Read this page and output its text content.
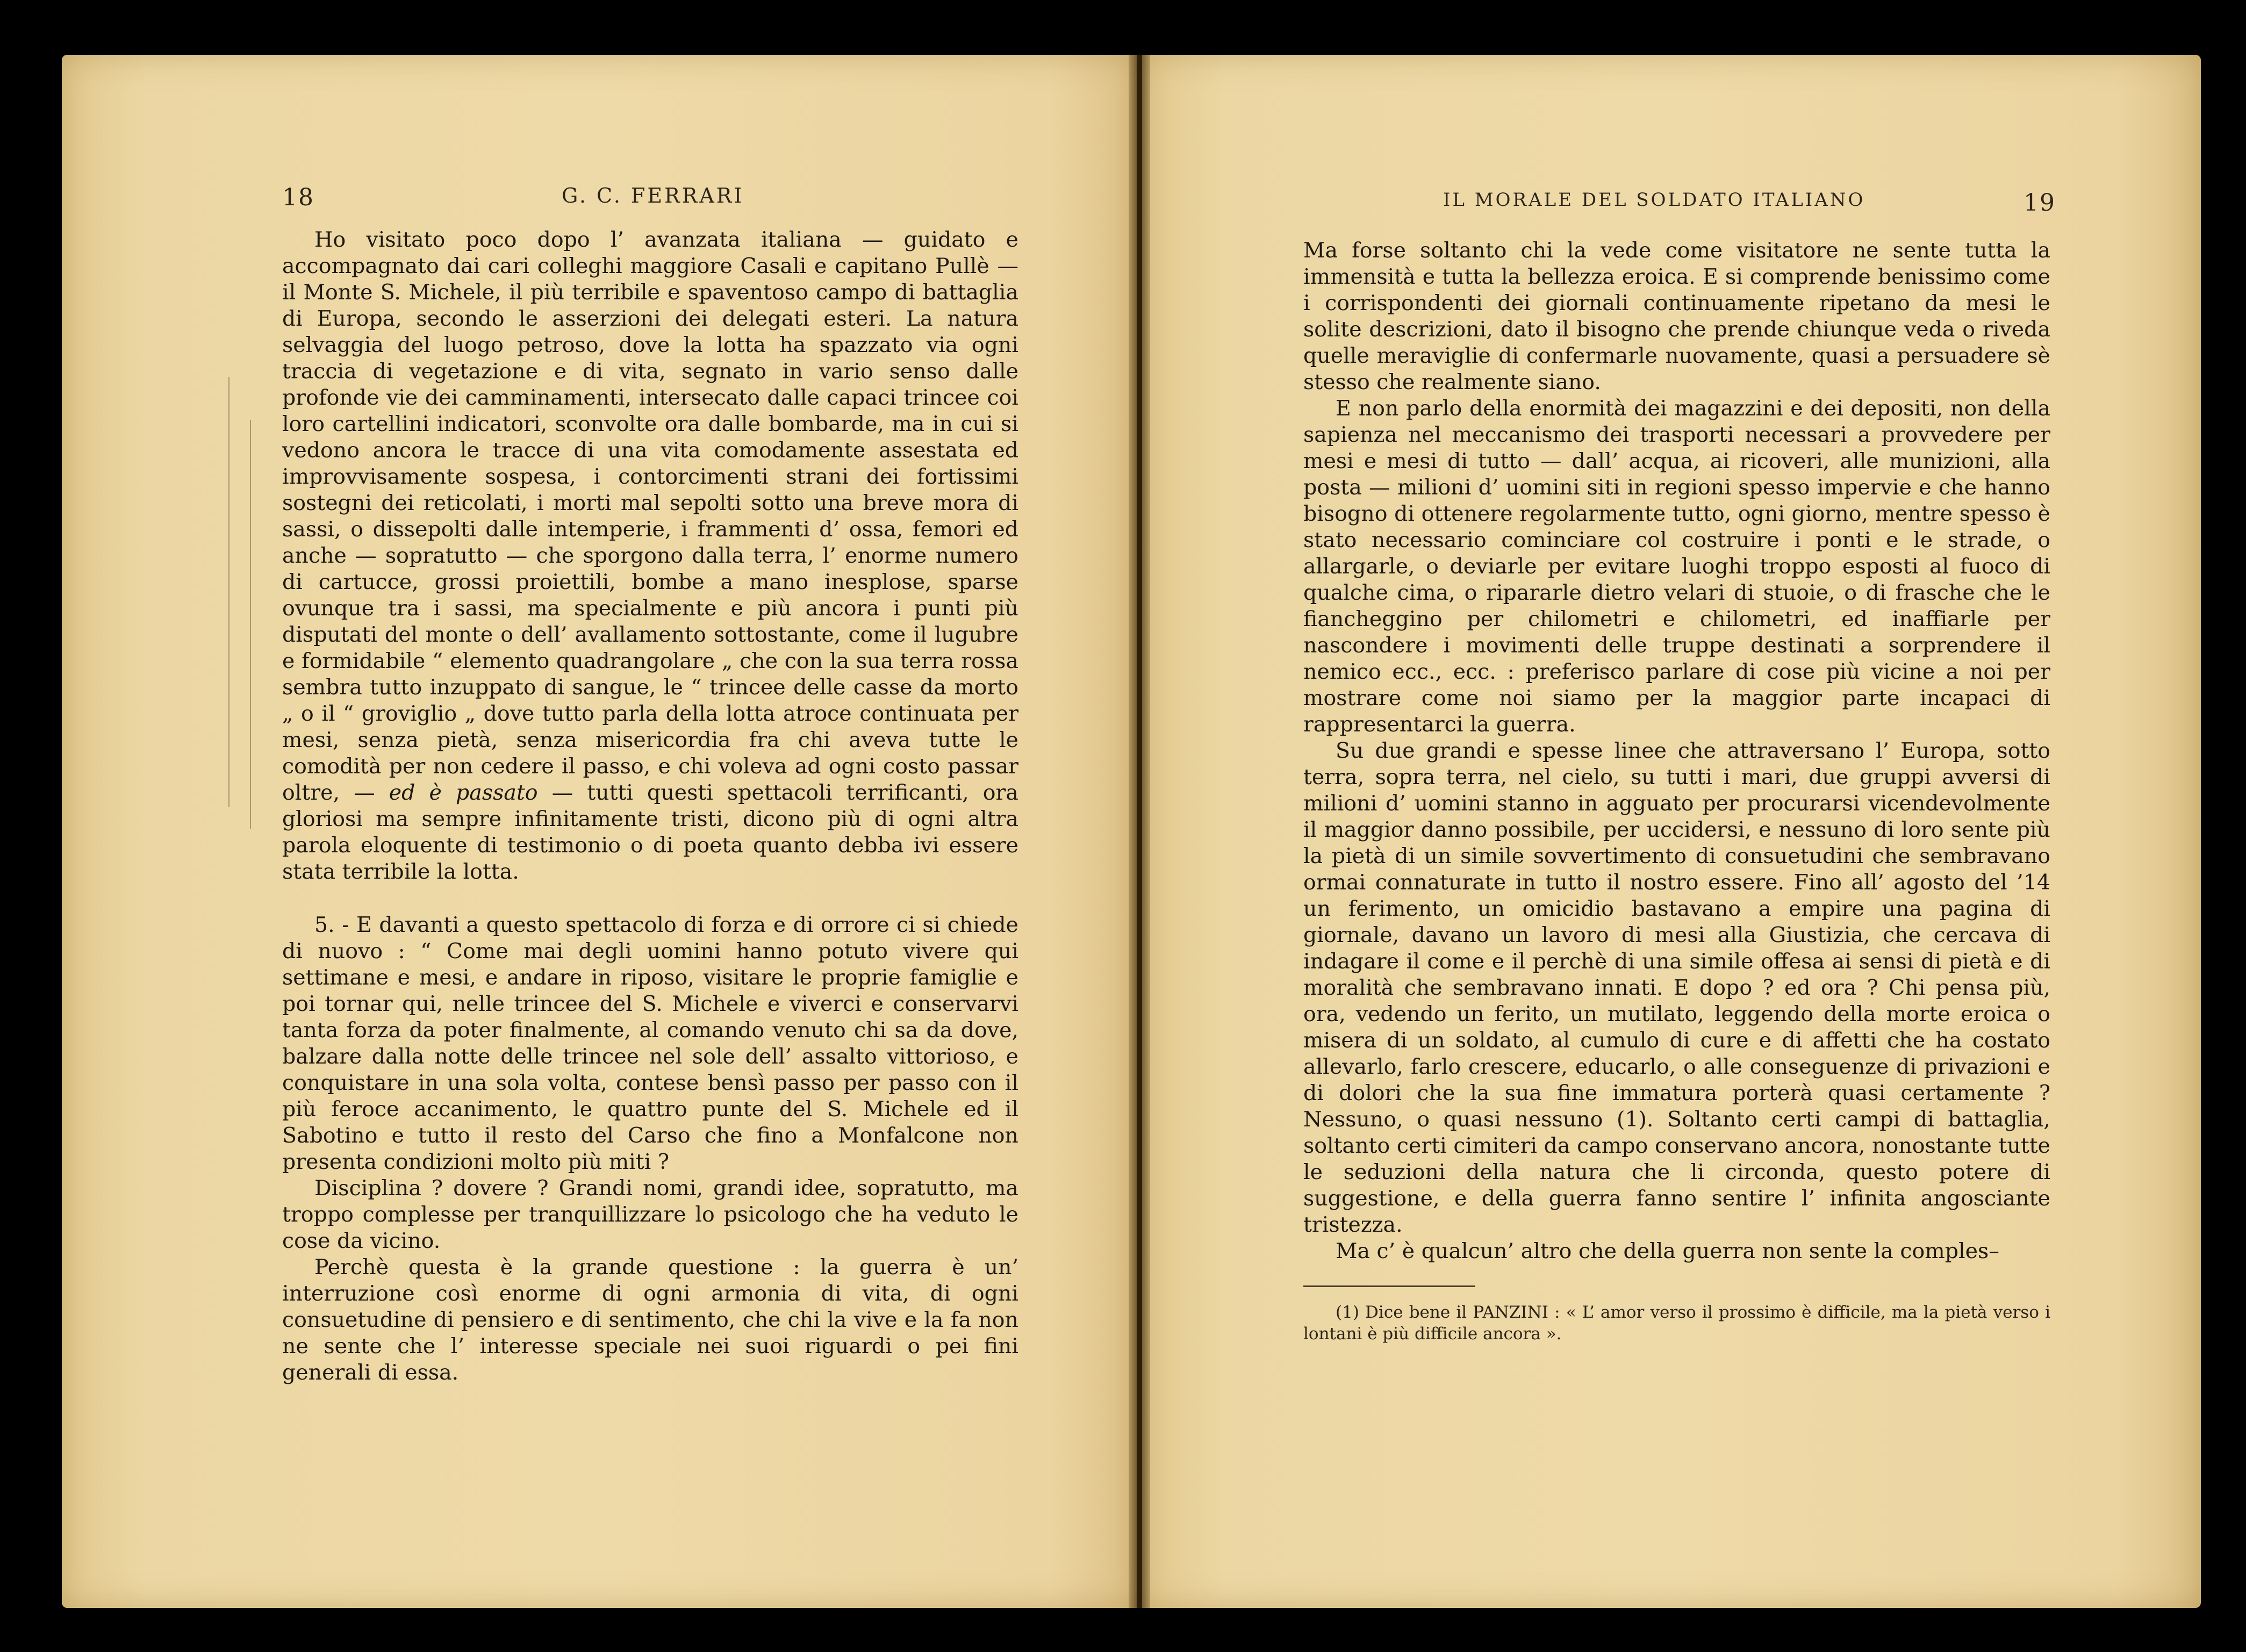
18	G. C. FERRARI

Ho visitato poco dopo l’ avanzata italiana — guidato e accompagnato dai cari colleghi maggiore Casali e capitano Pullè — il Monte S. Michele, il più terribile e spaventoso campo di battaglia di Europa, secondo le asserzioni dei delegati esteri. La natura selvaggia del luogo petroso, dove la lotta ha spazzato via ogni traccia di vegetazione e di vita, segnato in vario senso dalle profonde vie dei camminamenti, intersecato dalle capaci trincee coi loro cartellini indicatori, sconvolte ora dalle bombarde, ma in cui si vedono ancora le tracce di una vita comodamente assestata ed improvvisamente sospesa, i contorcimenti strani dei fortissimi sostegni dei reticolati, i morti mal sepolti sotto una breve mora di sassi, o dissepolti dalle intemperie, i frammenti d’ ossa, femori ed anche — sopratutto — che sporgono dalla terra, l’ enorme numero di cartucce, grossi proiettili, bombe a mano inesplose, sparse ovunque tra i sassi, ma specialmente e più ancora i punti più disputati del monte o dell’ avallamento sottostante, come il lugubre e formidabile “ elemento quadrangolare „ che con la sua terra rossa sembra tutto inzuppato di sangue, le “ trincee delle casse da morto „ o il “ groviglio „ dove tutto parla della lotta atroce continuata per mesi, senza pietà, senza misericordia fra chi aveva tutte le comodità per non cedere il passo, e chi voleva ad ogni costo passar oltre, — ed è passato — tutti questi spettacoli terrificanti, ora gloriosi ma sempre infinitamente tristi, dicono più di ogni altra parola eloquente di testimonio o di poeta quanto debba ivi essere stata terribile la lotta.

5. - E davanti a questo spettacolo di forza e di orrore ci si chiede di nuovo : “ Come mai degli uomini hanno potuto vivere qui settimane e mesi, e andare in riposo, visitare le proprie famiglie e poi tornar qui, nelle trincee del S. Michele e viverci e conservarvi tanta forza da poter finalmente, al comando venuto chi sa da dove, balzare dalla notte delle trincee nel sole dell’ assalto vittorioso, e conquistare in una sola volta, contese bensì passo per passo con il più feroce accanimento, le quattro punte del S. Michele ed il Sabotino e tutto il resto del Carso che fino a Monfalcone non presenta condizioni molto più miti ?

Disciplina ? dovere ? Grandi nomi, grandi idee, sopratutto, ma troppo complesse per tranquillizzare lo psicologo che ha veduto le cose da vicino.

Perchè questa è la grande questione : la guerra è un’ interruzione così enorme di ogni armonia di vita, di ogni consuetudine di pensiero e di sentimento, che chi la vive e la fa non ne sente che l’ interesse speciale nei suoi riguardi o pei fini generali di essa.

IL MORALE DEL SOLDATO ITALIANO	19

Ma forse soltanto chi la vede come visitatore ne sente tutta la immensità e tutta la bellezza eroica. E si comprende benissimo come i corrispondenti dei giornali continuamente ripetano da mesi le solite descrizioni, dato il bisogno che prende chiunque veda o riveda quelle meraviglie di confermarle nuovamente, quasi a persuadere sè stesso che realmente siano.

E non parlo della enormità dei magazzini e dei depositi, non della sapienza nel meccanismo dei trasporti necessari a provvedere per mesi e mesi di tutto — dall’ acqua, ai ricoveri, alle munizioni, alla posta — milioni d’ uomini siti in regioni spesso impervie e che hanno bisogno di ottenere regolarmente tutto, ogni giorno, mentre spesso è stato necessario cominciare col costruire i ponti e le strade, o allargarle, o deviarle per evitare luoghi troppo esposti al fuoco di qualche cima, o ripararle dietro velari di stuoie, o di frasche che le fiancheggino per chilometri e chilometri, ed inaffiarle per nascondere i movimenti delle truppe destinati a sorprendere il nemico ecc., ecc. : preferisco parlare di cose più vicine a noi per mostrare come noi siamo per la maggior parte incapaci di rappresentarci la guerra.

Su due grandi e spesse linee che attraversano l’ Europa, sotto terra, sopra terra, nel cielo, su tutti i mari, due gruppi avversi di milioni d’ uomini stanno in agguato per procurarsi vicendevolmente il maggior danno possibile, per uccidersi, e nessuno di loro sente più la pietà di un simile sovvertimento di consuetudini che sembravano ormai connaturate in tutto il nostro essere. Fino all’ agosto del ’14 un ferimento, un omicidio bastavano a empire una pagina di giornale, davano un lavoro di mesi alla Giustizia, che cercava di indagare il come e il perchè di una simile offesa ai sensi di pietà e di moralità che sembravano innati. E dopo ? ed ora ? Chi pensa più, ora, vedendo un ferito, un mutilato, leggendo della morte eroica o misera di un soldato, al cumulo di cure e di affetti che ha costato allevarlo, farlo crescere, educarlo, o alle conseguenze di privazioni e di dolori che la sua fine immatura porterà quasi certamente ? Nessuno, o quasi nessuno (1). Soltanto certi campi di battaglia, soltanto certi cimiteri da campo conservano ancora, nonostante tutte le seduzioni della natura che li circonda, questo potere di suggestione, e della guerra fanno sentire l’ infinita angosciante tristezza.

Ma c’ è qualcun’ altro che della guerra non sente la comples–

(1) Dice bene il PANZINI : « L’ amor verso il prossimo è difficile, ma la pietà verso i lontani è più difficile ancora ».
